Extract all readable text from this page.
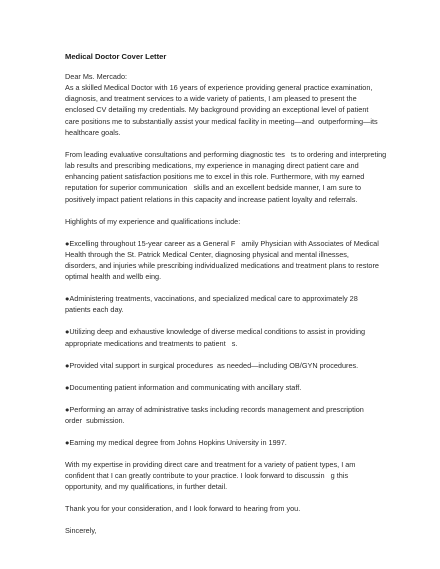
Medical Doctor Cover Letter
Dear Ms. Mercado:
As a skilled Medical Doctor with 16 years of experience providing general practice examination,
diagnosis, and treatment services to a wide variety of patients, I am pleased to present the
enclosed CV detailing my credentials. My background providing an exceptional level of patient
care positions me to substantially assist your medical facility in meeting—and  outperforming—its
healthcare goals.
From leading evaluative consultations and performing diagnostic tes   ts to ordering and interpreting
lab results and prescribing medications, my experience in managing direct patient care and
enhancing patient satisfaction positions me to excel in this role. Furthermore, with my earned
reputation for superior communication   skills and an excellent bedside manner, I am sure to
positively impact patient relations in this capacity and increase patient loyalty and referrals.
Highlights of my experience and qualifications include:
●Excelling throughout 15-year career as a General F   amily Physician with Associates of Medical
Health through the St. Patrick Medical Center, diagnosing physical and mental illnesses,
disorders, and injuries while prescribing individualized medications and treatment plans to restore
optimal health and wellb eing.
●Administering treatments, vaccinations, and specialized medical care to approximately 28
patients each day.
●Utilizing deep and exhaustive knowledge of diverse medical conditions to assist in providing
appropriate medications and treatments to patient   s.
●Provided vital support in surgical procedures  as needed—including OB/GYN procedures.
●Documenting patient information and communicating with ancillary staff.
●Performing an array of administrative tasks including records management and prescription
order  submission.
●Earning my medical degree from Johns Hopkins University in 1997.
With my expertise in providing direct care and treatment for a variety of patient types, I am
confident that I can greatly contribute to your practice. I look forward to discussin   g this
opportunity, and my qualifications, in further detail.
Thank you for your consideration, and I look forward to hearing from you.
Sincerely,
